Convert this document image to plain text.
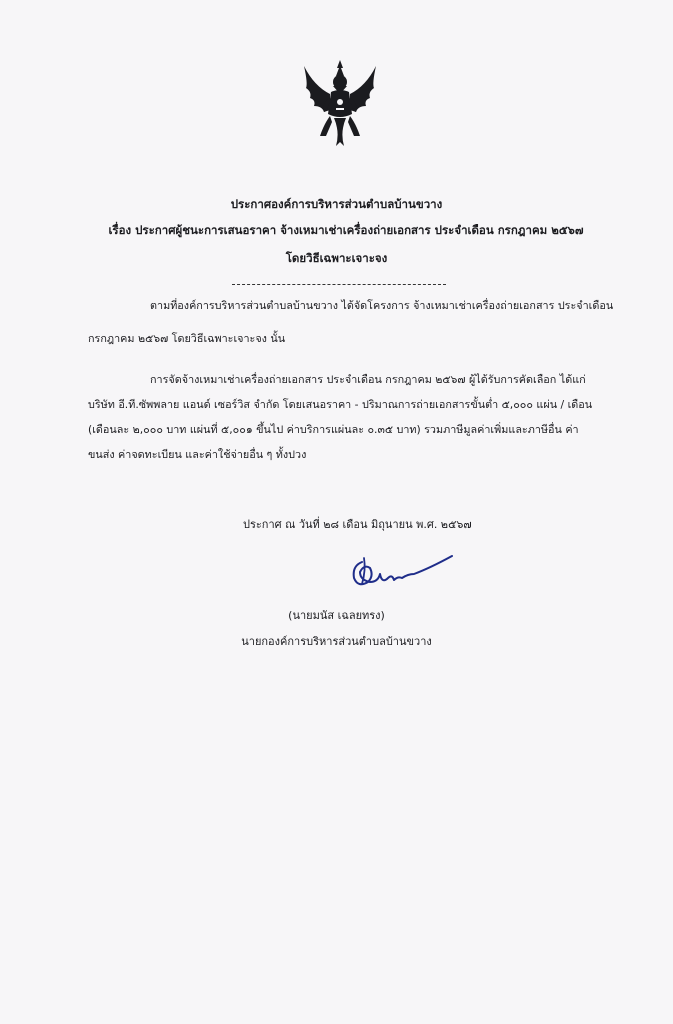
ประกาศองค์การบริหารส่วนตำบลบ้านขวาง
เรื่อง ประกาศผู้ชนะการเสนอราคา จ้างเหมาเช่าเครื่องถ่ายเอกสาร ประจำเดือน กรกฎาคม ๒๕๖๗
โดยวิธีเฉพาะเจาะจง
ตามที่องค์การบริหารส่วนตำบลบ้านขวาง ได้จัดโครงการ จ้างเหมาเช่าเครื่องถ่ายเอกสาร ประจำเดือน
กรกฎาคม ๒๕๖๗ โดยวิธีเฉพาะเจาะจง นั้น
การจัดจ้างเหมาเช่าเครื่องถ่ายเอกสาร ประจำเดือน กรกฎาคม ๒๕๖๗ ผู้ได้รับการคัดเลือก ได้แก่
บริษัท อี.ที.ซัพพลาย แอนด์ เซอร์วิส จำกัด โดยเสนอราคา - ปริมาณการถ่ายเอกสารขั้นต่ำ ๕,๐๐๐ แผ่น / เดือน
(เดือนละ ๒,๐๐๐ บาท แผ่นที่ ๕,๐๐๑ ขึ้นไป ค่าบริการแผ่นละ ๐.๓๕ บาท) รวมภาษีมูลค่าเพิ่มและภาษีอื่น ค่า
ขนส่ง ค่าจดทะเบียน และค่าใช้จ่ายอื่น ๆ ทั้งปวง
ประกาศ ณ วันที่ ๒๘ เดือน มิถุนายน พ.ศ. ๒๕๖๗
(นายมนัส เฉลยทรง)
นายกองค์การบริหารส่วนตำบลบ้านขวาง
